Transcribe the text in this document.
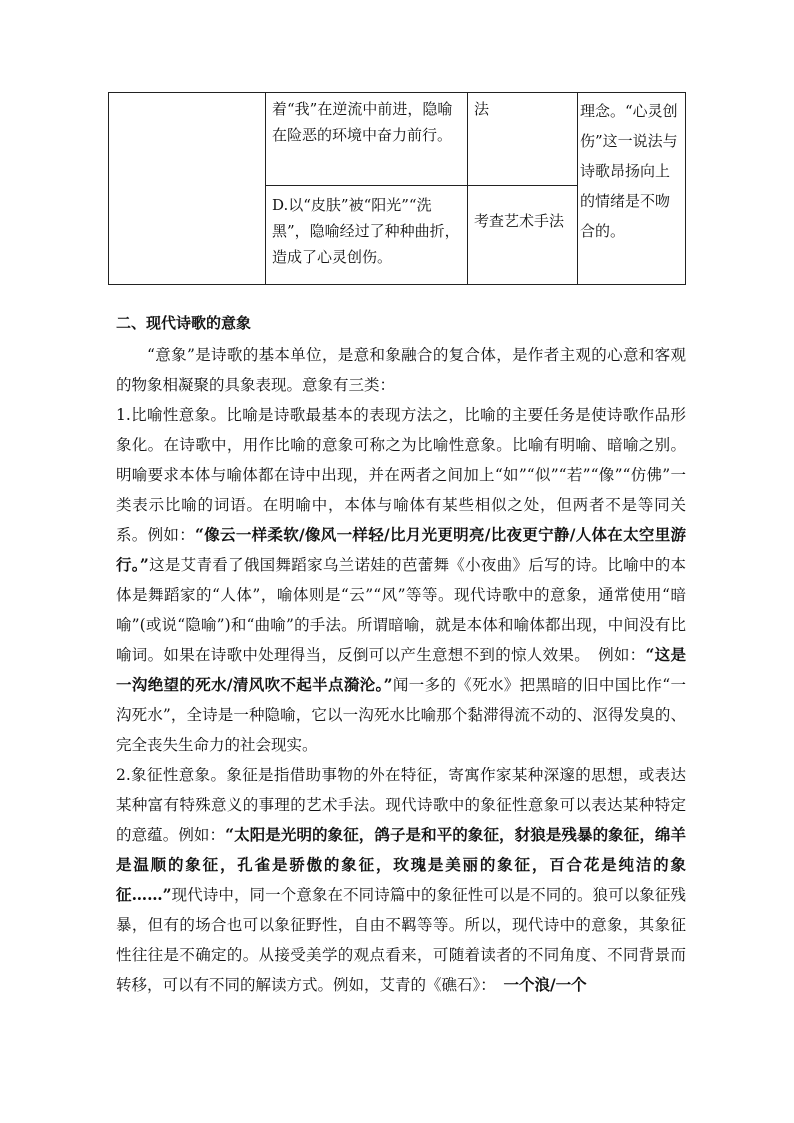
着“我”在逆流中前进，隐喻在险恶的环境中奋力前行。
法
D.以“皮肤”被“阳光”“洗黑”，隐喻经过了种种曲折，造成了心灵创伤。
考查艺术手法
理念。“心灵创伤”这一说法与诗歌昂扬向上的情绪是不吻合的。
二、现代诗歌的意象

“意象”是诗歌的基本单位，是意和象融合的复合体，是作者主观的心意和客观的物象相凝聚的具象表现。意象有三类：

1.比喻性意象。比喻是诗歌最基本的表现方法之，比喻的主要任务是使诗歌作品形象化。在诗歌中，用作比喻的意象可称之为比喻性意象。比喻有明喻、暗喻之别。明喻要求本体与喻体都在诗中出现，并在两者之间加上“如”“似”“若”“像”“仿佛”一类表示比喻的词语。在明喻中，本体与喻体有某些相似之处，但两者不是等同关系。例如：“像云一样柔软/像风一样轻/比月光更明亮/比夜更宁静/人体在太空里游行。”这是艾青看了俄国舞蹈家乌兰诺娃的芭蕾舞《小夜曲》后写的诗。比喻中的本体是舞蹈家的“人体”，喻体则是“云”“风”等等。现代诗歌中的意象，通常使用“暗喻”(或说“隐喻”)和“曲喻”的手法。所谓暗喻，就是本体和喻体都出现，中间没有比喻词。如果在诗歌中处理得当，反倒可以产生意想不到的惊人效果。　例如：“这是一沟绝望的死水/清风吹不起半点漪沦。”闻一多的《死水》把黑暗的旧中国比作“一沟死水”，全诗是一种隐喻，它以一沟死水比喻那个黏滞得流不动的、沤得发臭的、完全丧失生命力的社会现实。

2.象征性意象。象征是指借助事物的外在特征，寄寓作家某种深邃的思想，或表达某种富有特殊意义的事理的艺术手法。现代诗歌中的象征性意象可以表达某种特定的意蕴。例如：“太阳是光明的象征，鸽子是和平的象征，豺狼是残暴的象征，绵羊是温顺的象征，孔雀是骄傲的象征，玫瑰是美丽的象征，百合花是纯洁的象征……”现代诗中，同一个意象在不同诗篇中的象征性可以是不同的。狼可以象征残暴，但有的场合也可以象征野性，自由不羁等等。所以，现代诗中的意象，其象征性往往是不确定的。从接受美学的观点看来，可随着读者的不同角度、不同背景而转移，可以有不同的解读方式。例如，艾青的《礁石》：　一个浪/一个
